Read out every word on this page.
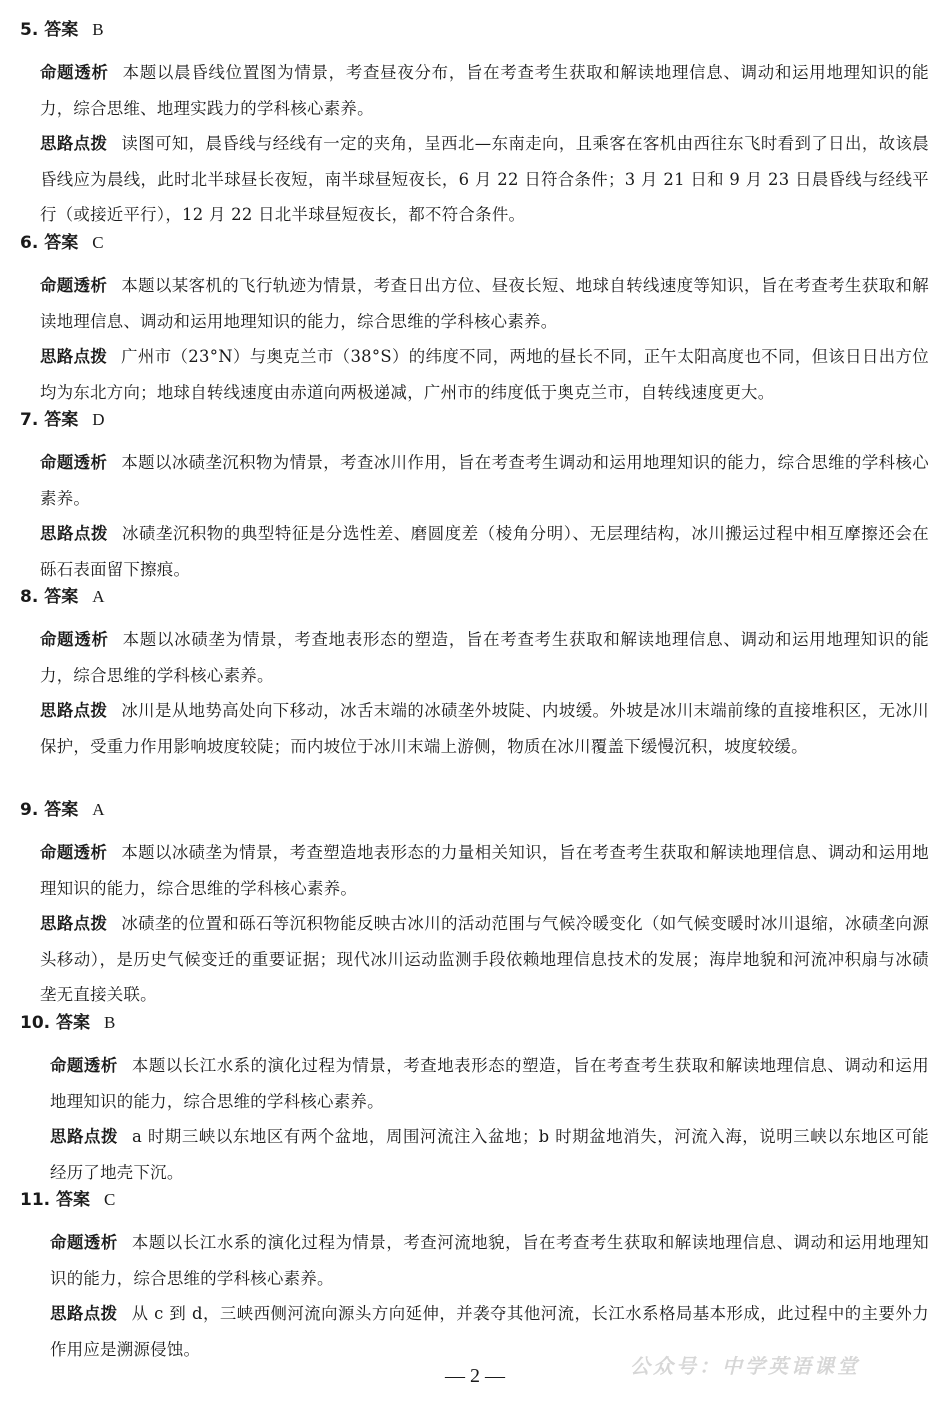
5. 答案 B
命题透析 本题以晨昏线位置图为情景，考查昼夜分布，旨在考查考生获取和解读地理信息、调动和运用地理知识的能力，综合思维、地理实践力的学科核心素养。
思路点拨 读图可知，晨昏线与经线有一定的夹角，呈西北—东南走向，且乘客在客机由西往东飞时看到了日出，故该晨昏线应为晨线，此时北半球昼长夜短，南半球昼短夜长，6 月 22 日符合条件；3 月 21 日和 9 月 23 日晨昏线与经线平行（或接近平行），12 月 22 日北半球昼短夜长，都不符合条件。
6. 答案 C
命题透析 本题以某客机的飞行轨迹为情景，考查日出方位、昼夜长短、地球自转线速度等知识，旨在考查考生获取和解读地理信息、调动和运用地理知识的能力，综合思维的学科核心素养。
思路点拨 广州市（23°N）与奥克兰市（38°S）的纬度不同，两地的昼长不同，正午太阳高度也不同，但该日日出方位均为东北方向；地球自转线速度由赤道向两极递减，广州市的纬度低于奥克兰市，自转线速度更大。
7. 答案 D
命题透析 本题以冰碛垄沉积物为情景，考查冰川作用，旨在考查考生调动和运用地理知识的能力，综合思维的学科核心素养。
思路点拨 冰碛垄沉积物的典型特征是分选性差、磨圆度差（棱角分明）、无层理结构，冰川搬运过程中相互摩擦还会在砾石表面留下擦痕。
8. 答案 A
命题透析 本题以冰碛垄为情景，考查地表形态的塑造，旨在考查考生获取和解读地理信息、调动和运用地理知识的能力，综合思维的学科核心素养。
思路点拨 冰川是从地势高处向下移动，冰舌末端的冰碛垄外坡陡、内坡缓。外坡是冰川末端前缘的直接堆积区，无冰川保护，受重力作用影响坡度较陡；而内坡位于冰川末端上游侧，物质在冰川覆盖下缓慢沉积，坡度较缓。
9. 答案 A
命题透析 本题以冰碛垄为情景，考查塑造地表形态的力量相关知识，旨在考查考生获取和解读地理信息、调动和运用地理知识的能力，综合思维的学科核心素养。
思路点拨 冰碛垄的位置和砾石等沉积物能反映古冰川的活动范围与气候冷暖变化（如气候变暖时冰川退缩，冰碛垄向源头移动），是历史气候变迁的重要证据；现代冰川运动监测手段依赖地理信息技术的发展；海岸地貌和河流冲积扇与冰碛垄无直接关联。
10. 答案 B
命题透析 本题以长江水系的演化过程为情景，考查地表形态的塑造，旨在考查考生获取和解读地理信息、调动和运用地理知识的能力，综合思维的学科核心素养。
思路点拨 a 时期三峡以东地区有两个盆地，周围河流注入盆地；b 时期盆地消失，河流入海，说明三峡以东地区可能经历了地壳下沉。
11. 答案 C
命题透析 本题以长江水系的演化过程为情景，考查河流地貌，旨在考查考生获取和解读地理信息、调动和运用地理知识的能力，综合思维的学科核心素养。
思路点拨 从 c 到 d，三峡西侧河流向源头方向延伸，并袭夺其他河流，长江水系格局基本形成，此过程中的主要外力作用应是溯源侵蚀。
— 2 —	公众号：中学英语课堂
